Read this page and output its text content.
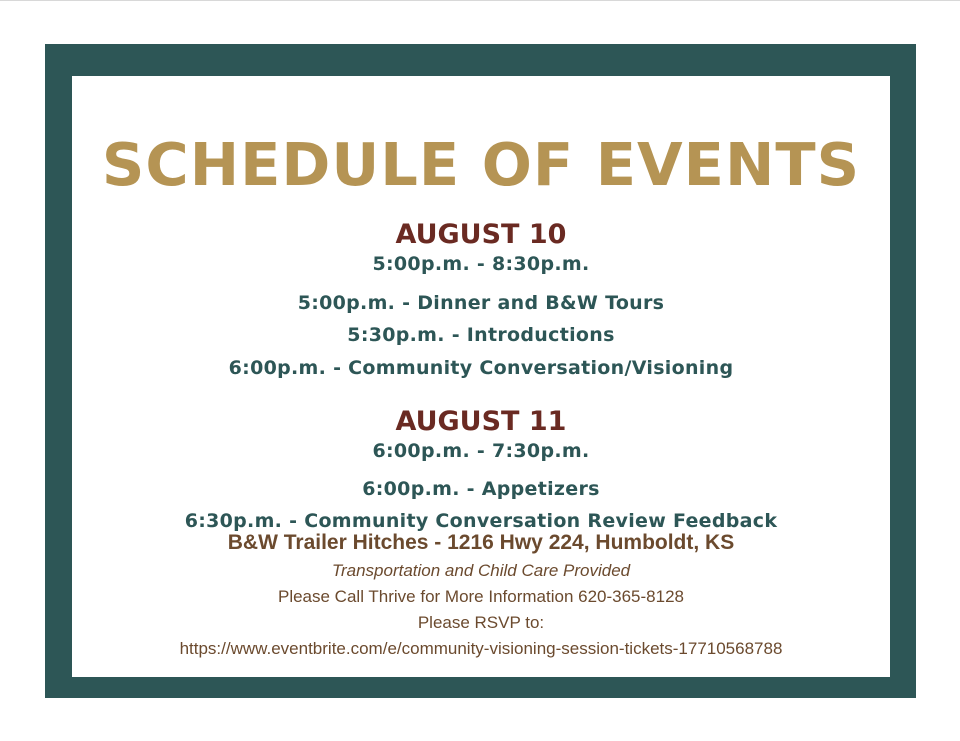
SCHEDULE OF EVENTS
AUGUST 10
5:00p.m. - 8:30p.m.
5:00p.m. - Dinner and B&W Tours
5:30p.m. - Introductions
6:00p.m. - Community Conversation/Visioning
AUGUST 11
6:00p.m. - 7:30p.m.
6:00p.m. - Appetizers
6:30p.m. - Community Conversation Review Feedback
B&W Trailer Hitches - 1216 Hwy 224, Humboldt, KS
Transportation and Child Care Provided
Please Call Thrive for More Information 620-365-8128
Please RSVP to:
https://www.eventbrite.com/e/community-visioning-session-tickets-17710568788
